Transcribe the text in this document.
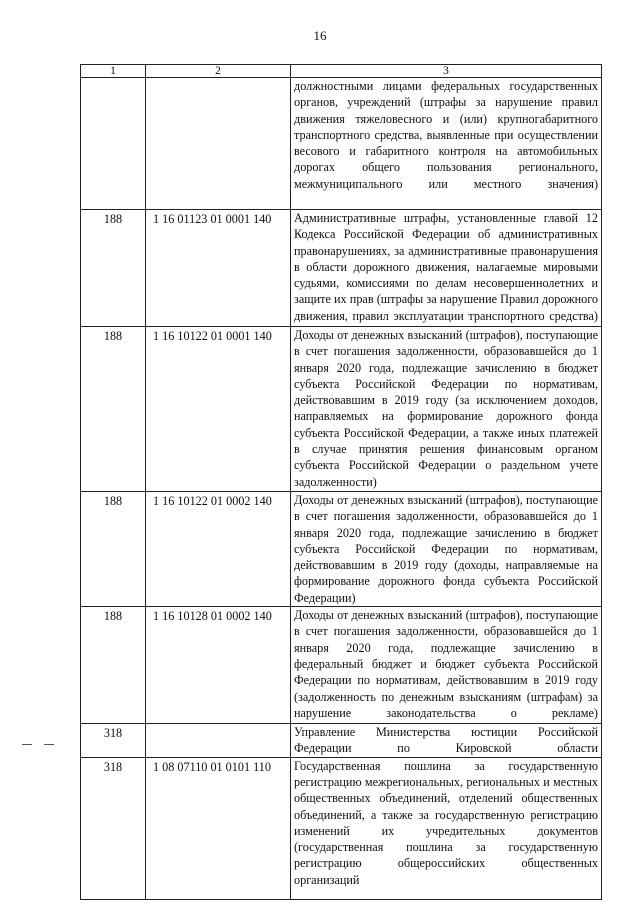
16
1	2	3
		должностными лицами федеральных государственных органов, учреждений (штрафы за нарушение правил движения тяжеловесного и (или) крупногабаритного транспортного средства, выявленные при осуществлении весового и габаритного контроля на автомобильных дорогах общего пользования регионального, межмуниципального или местного значения)
188	1 16 01123 01 0001 140	Административные штрафы, установленные главой 12 Кодекса Российской Федерации об административных правонарушениях, за административные правонарушения в области дорожного движения, налагаемые мировыми судьями, комиссиями по делам несовершеннолетних и защите их прав (штрафы за нарушение Правил дорожного движения, правил эксплуатации транспортного средства)
188	1 16 10122 01 0001 140	Доходы от денежных взысканий (штрафов), поступающие в счет погашения задолженности, образовавшейся до 1 января 2020 года, подлежащие зачислению в бюджет субъекта Российской Федерации по нормативам, действовавшим в 2019 году (за исключением доходов, направляемых на формирование дорожного фонда субъекта Российской Федерации, а также иных платежей в случае принятия решения финансовым органом субъекта Российской Федерации о раздельном учете задолженности)
188	1 16 10122 01 0002 140	Доходы от денежных взысканий (штрафов), поступающие в счет погашения задолженности, образовавшейся до 1 января 2020 года, подлежащие зачислению в бюджет субъекта Российской Федерации по нормативам, действовавшим в 2019 году (доходы, направляемые на формирование дорожного фонда субъекта Российской Федерации)
188	1 16 10128 01 0002 140	Доходы от денежных взысканий (штрафов), поступающие в счет погашения задолженности, образовавшейся до 1 января 2020 года, подлежащие зачислению в федеральный бюджет и бюджет субъекта Российской Федерации по нормативам, действовавшим в 2019 году (задолженность по денежным взысканиям (штрафам) за нарушение законодательства о рекламе)
318		Управление Министерства юстиции Российской Федерации по Кировской области
318	1 08 07110 01 0101 110	Государственная пошлина за государственную регистрацию межрегиональных, региональных и местных общественных объединений, отделений общественных объединений, а также за государственную регистрацию изменений их учредительных документов (государственная пошлина за государственную регистрацию общероссийских общественных организаций
